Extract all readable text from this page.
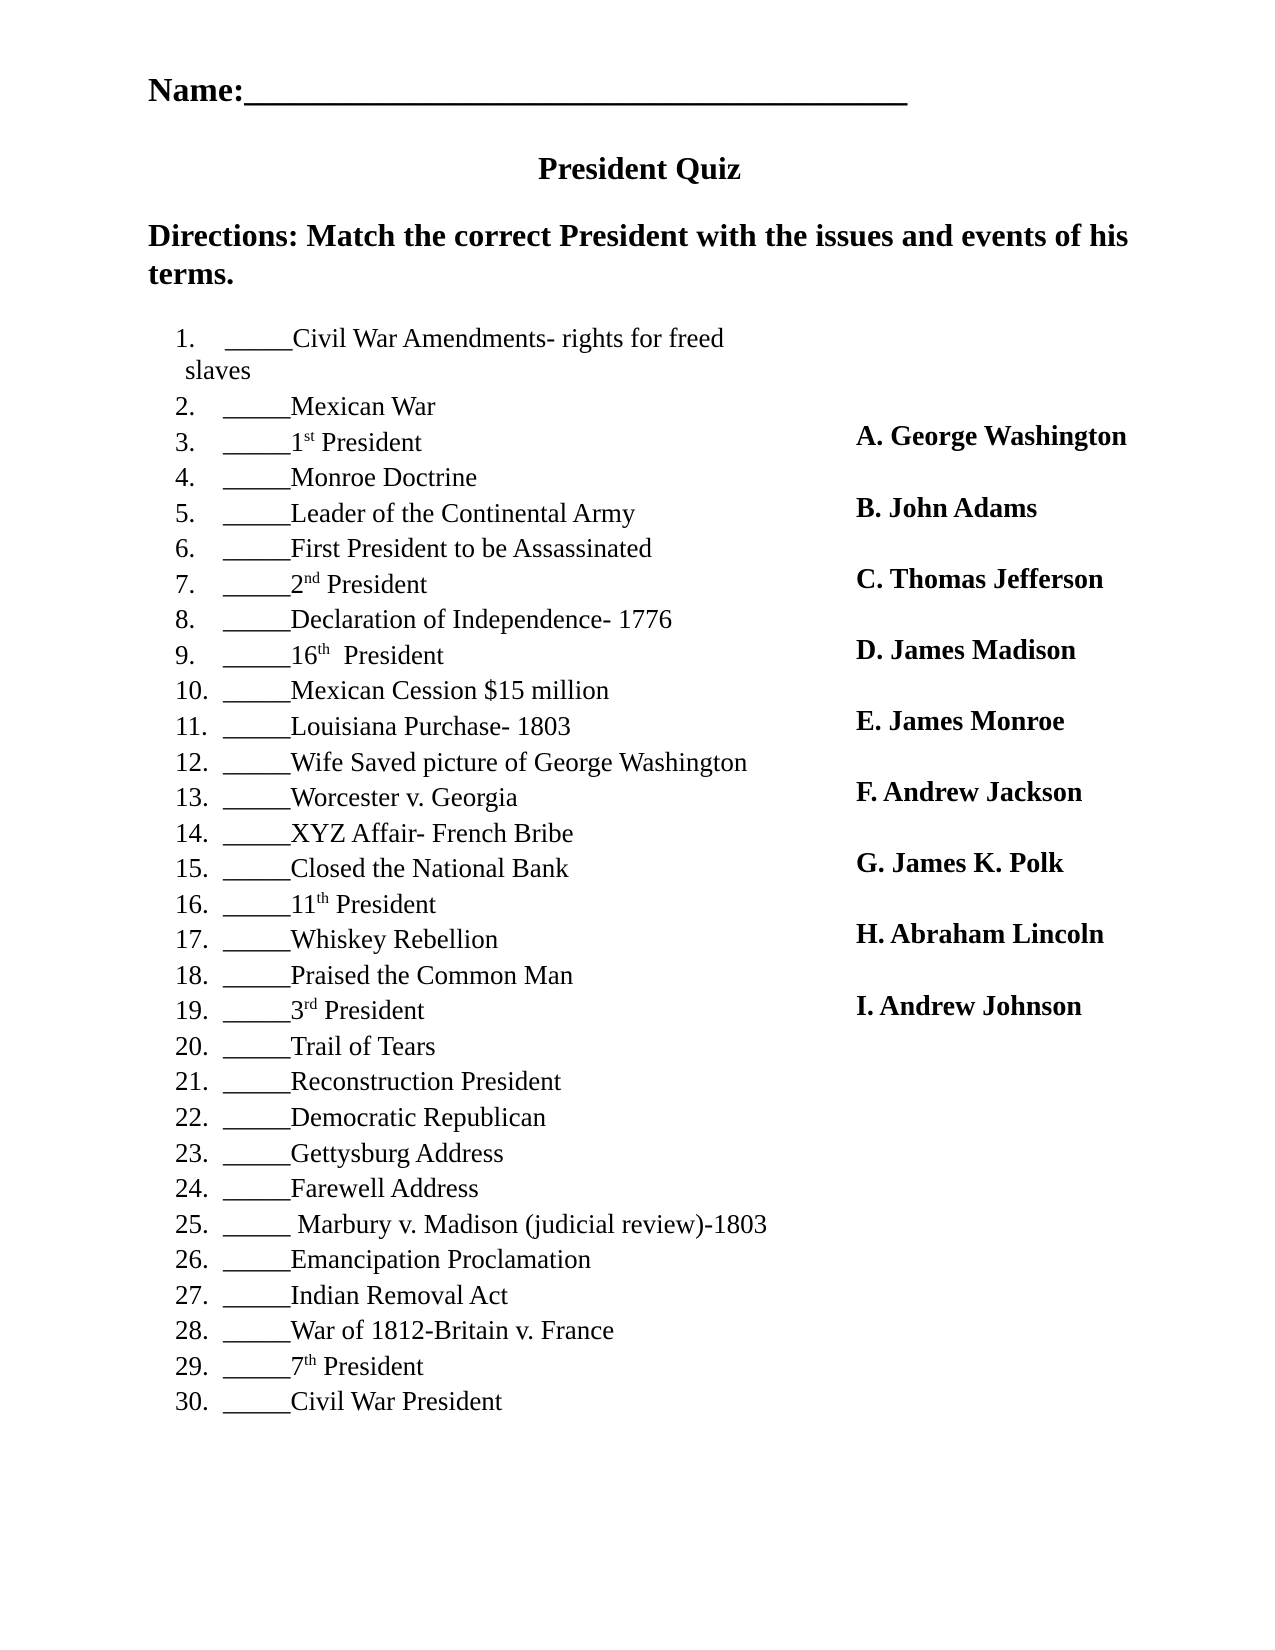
Name:_______________________________________
President Quiz
Directions: Match the correct President with the issues and events of his terms.
1. _____Civil War Amendments- rights for freed
slaves
2. _____Mexican War
3. _____1st President
4. _____Monroe Doctrine
5. _____Leader of the Continental Army
6. _____First President to be Assassinated
7. _____2nd President
8. _____Declaration of Independence- 1776
9. _____16th  President
10. _____Mexican Cession $15 million
11. _____Louisiana Purchase- 1803
12. _____Wife Saved picture of George Washington
13. _____Worcester v. Georgia
14. _____XYZ Affair- French Bribe
15. _____Closed the National Bank
16. _____11th President
17. _____Whiskey Rebellion
18. _____Praised the Common Man
19. _____3rd President
20. _____Trail of Tears
21. _____Reconstruction President
22. _____Democratic Republican
23. _____Gettysburg Address
24. _____Farewell Address
25. _____ Marbury v. Madison (judicial review)-1803
26. _____Emancipation Proclamation
27. _____Indian Removal Act
28. _____War of 1812-Britain v. France
29. _____7th President
30. _____Civil War President
A. George Washington
B. John Adams
C. Thomas Jefferson
D. James Madison
E. James Monroe
F. Andrew Jackson
G. James K. Polk
H. Abraham Lincoln
I. Andrew Johnson
